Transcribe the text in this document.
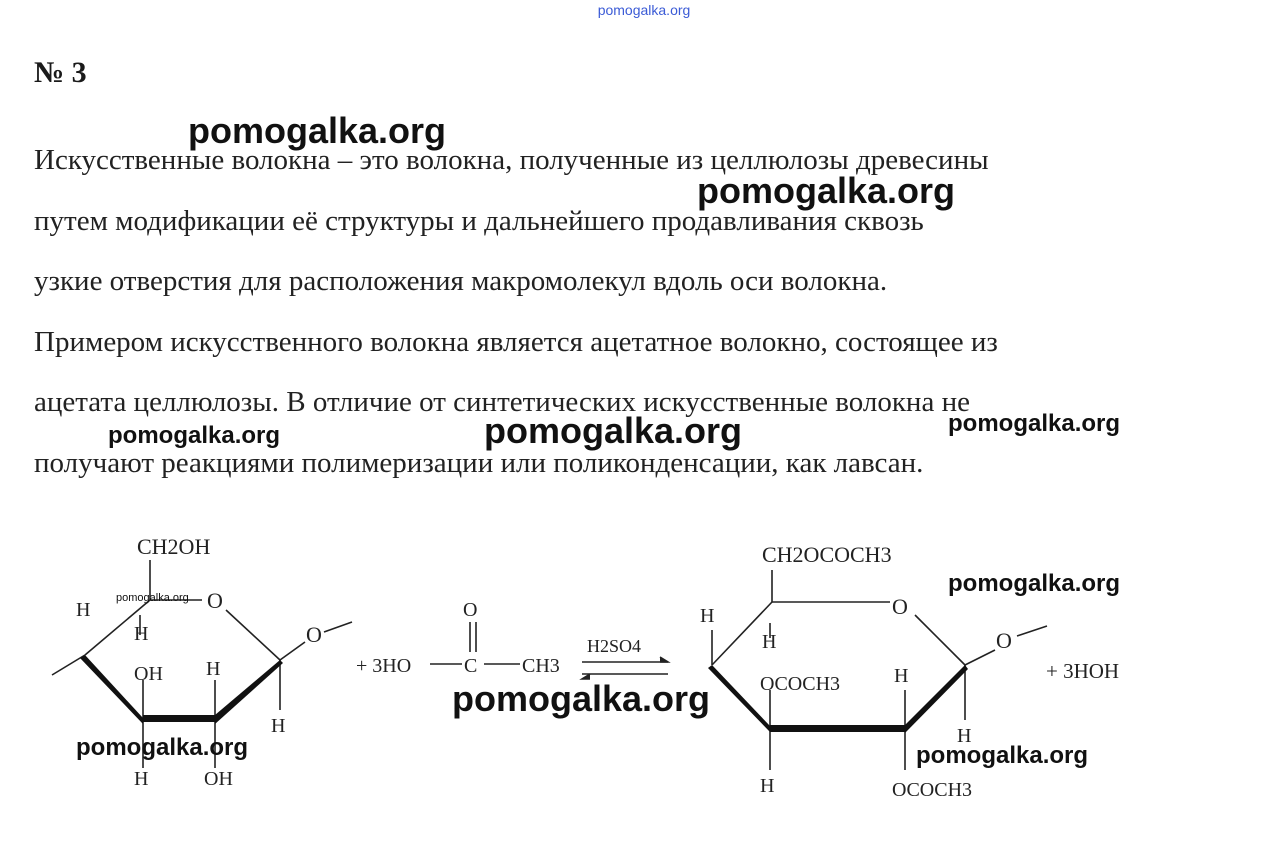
pomogalka.org
№ 3
Искусственные волокна – это волокна, полученные из целлюлозы древесины
путем модификации её структуры и дальнейшего продавливания сквозь
узкие отверстия для расположения макромолекул вдоль оси волокна.
Примером искусственного волокна является ацетатное волокно, состоящее из
ацетата целлюлозы. В отличие от синтетических искусственные волокна не
получают реакциями полимеризации или поликонденсации, как лавсан.
CH2OH
O
O
H
H
OH H
H
H	OH
+ 3HO	C CH3
O
H2SO4
CH2OCOCH3
O
O
H
H
OCOCH3	H
H
H	OCOCH3
+ 3HOH
pomogalka.org
pomogalka.org
pomogalka.org
pomogalka.org	pomogalka.org
pomogalka.org
pomogalka.org
pomogalka.org	pomogalka.org
pomogalka.org
